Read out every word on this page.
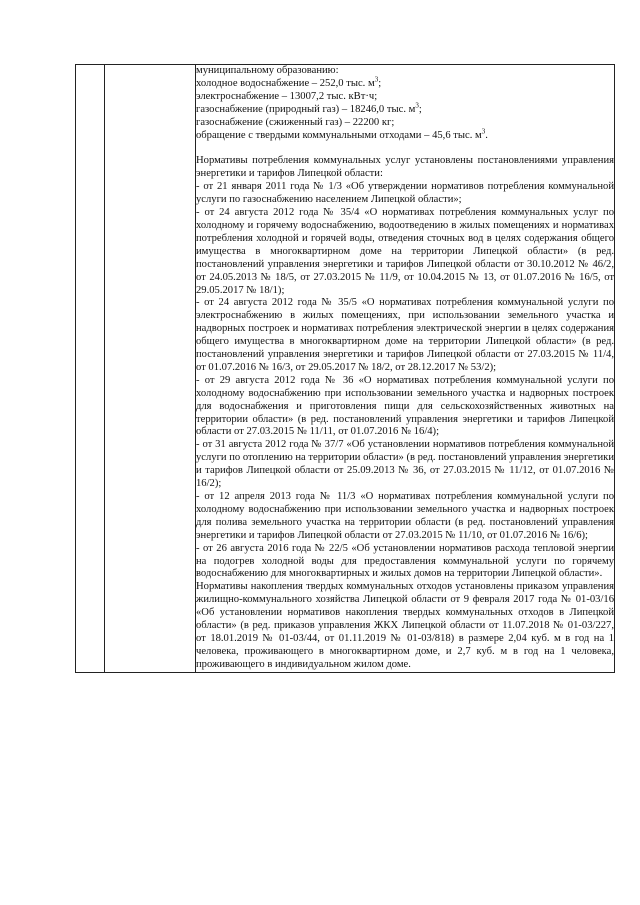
муниципальному образованию:

холодное водоснабжение – 252,0 тыс. $м^3$;

электроснабжение – 13007,2 тыс. кВт·ч;

газоснабжение (природный газ) – 18246,0 тыс. $м^3$;

газоснабжение (сжиженный газ) – 22200 кг;

обращение с твердыми коммунальными отходами – 45,6 тыс. $м^3$.

Нормативы потребления коммунальных услуг установлены постановлениями управления энергетики и тарифов Липецкой области:

- от 21 января 2011 года № 1/3 «Об утверждении нормативов потребления коммунальной услуги по газоснабжению населением Липецкой области»;

- от 24 августа 2012 года № 35/4 «О нормативах потребления коммунальных услуг по холодному и горячему водоснабжению, водоотведению в жилых помещениях и нормативах потребления холодной и горячей воды, отведения сточных вод в целях содержания общего имущества в многоквартирном доме на территории Липецкой области» (в ред. постановлений управления энергетики и тарифов Липецкой области от 30.10.2012 № 46/2, от 24.05.2013 № 18/5, от 27.03.2015 № 11/9, от 10.04.2015 № 13, от 01.07.2016 № 16/5, от 29.05.2017 № 18/1);

- от 24 августа 2012 года № 35/5 «О нормативах потребления коммунальной услуги по электроснабжению в жилых помещениях, при использовании земельного участка и надворных построек и нормативах потребления электрической энергии в целях содержания общего имущества в многоквартирном доме на территории Липецкой области» (в ред. постановлений управления энергетики и тарифов Липецкой области от 27.03.2015 № 11/4, от 01.07.2016 № 16/3, от 29.05.2017 № 18/2, от 28.12.2017 № 53/2);

- от 29 августа 2012 года № 36 «О нормативах потребления коммунальной услуги по холодному водоснабжению при использовании земельного участка и надворных построек для водоснабжения и приготовления пищи для сельскохозяйственных животных на территории области» (в ред. постановлений управления энергетики и тарифов Липецкой области от 27.03.2015 № 11/11, от 01.07.2016 № 16/4);

- от 31 августа 2012 года № 37/7 «Об установлении нормативов потребления коммунальной услуги по отоплению на территории области» (в ред. постановлений управления энергетики и тарифов Липецкой области от 25.09.2013 № 36, от 27.03.2015 № 11/12, от 01.07.2016 № 16/2);

- от 12 апреля 2013 года № 11/3 «О нормативах потребления коммунальной услуги по холодному водоснабжению при использовании земельного участка и надворных построек для полива земельного участка на территории области (в ред. постановлений управления энергетики и тарифов Липецкой области от 27.03.2015 № 11/10, от 01.07.2016 № 16/6);

- от 26 августа 2016 года № 22/5 «Об установлении нормативов расхода тепловой энергии на подогрев холодной воды для предоставления коммунальной услуги по горячему водоснабжению для многоквартирных и жилых домов на территории Липецкой области».

Нормативы накопления твердых коммунальных отходов установлены приказом управления жилищно-коммунального хозяйства Липецкой области от 9 февраля 2017 года № 01-03/16 «Об установлении нормативов накопления твердых коммунальных отходов в Липецкой области» (в ред. приказов управления ЖКХ Липецкой области от 11.07.2018 № 01-03/227, от 18.01.2019 № 01-03/44, от 01.11.2019 № 01-03/818) в размере 2,04 куб. м в год на 1 человека, проживающего в многоквартирном доме, и 2,7 куб. м в год на 1 человека, проживающего в индивидуальном жилом доме.
